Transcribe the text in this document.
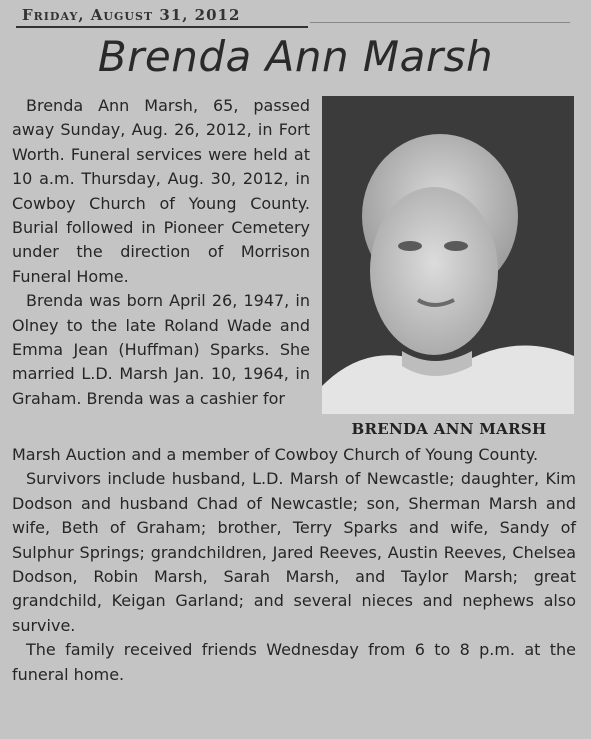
Friday, August 31, 2012
Brenda Ann Marsh

Brenda Ann Marsh, 65, passed away Sunday, Aug. 26, 2012, in Fort Worth. Funeral services were held at 10 a.m. Thursday, Aug. 30, 2012, in Cowboy Church of Young County. Burial followed in Pioneer Cemetery under the direction of Morrison Funeral Home.

Brenda was born April 26, 1947, in Olney to the late Roland Wade and Emma Jean (Huffman) Sparks. She married L.D. Marsh Jan. 10, 1964, in Graham. Brenda was a cashier for

BRENDA ANN MARSH

Marsh Auction and a member of Cowboy Church of Young County.

Survivors include husband, L.D. Marsh of Newcastle; daughter, Kim Dodson and husband Chad of Newcastle; son, Sherman Marsh and wife, Beth of Graham; brother, Terry Sparks and wife, Sandy of Sulphur Springs; grandchildren, Jared Reeves, Austin Reeves, Chelsea Dodson, Robin Marsh, Sarah Marsh, and Taylor Marsh; great grandchild, Keigan Garland; and several nieces and nephews also survive.

The family received friends Wednesday from 6 to 8 p.m. at the funeral home.
